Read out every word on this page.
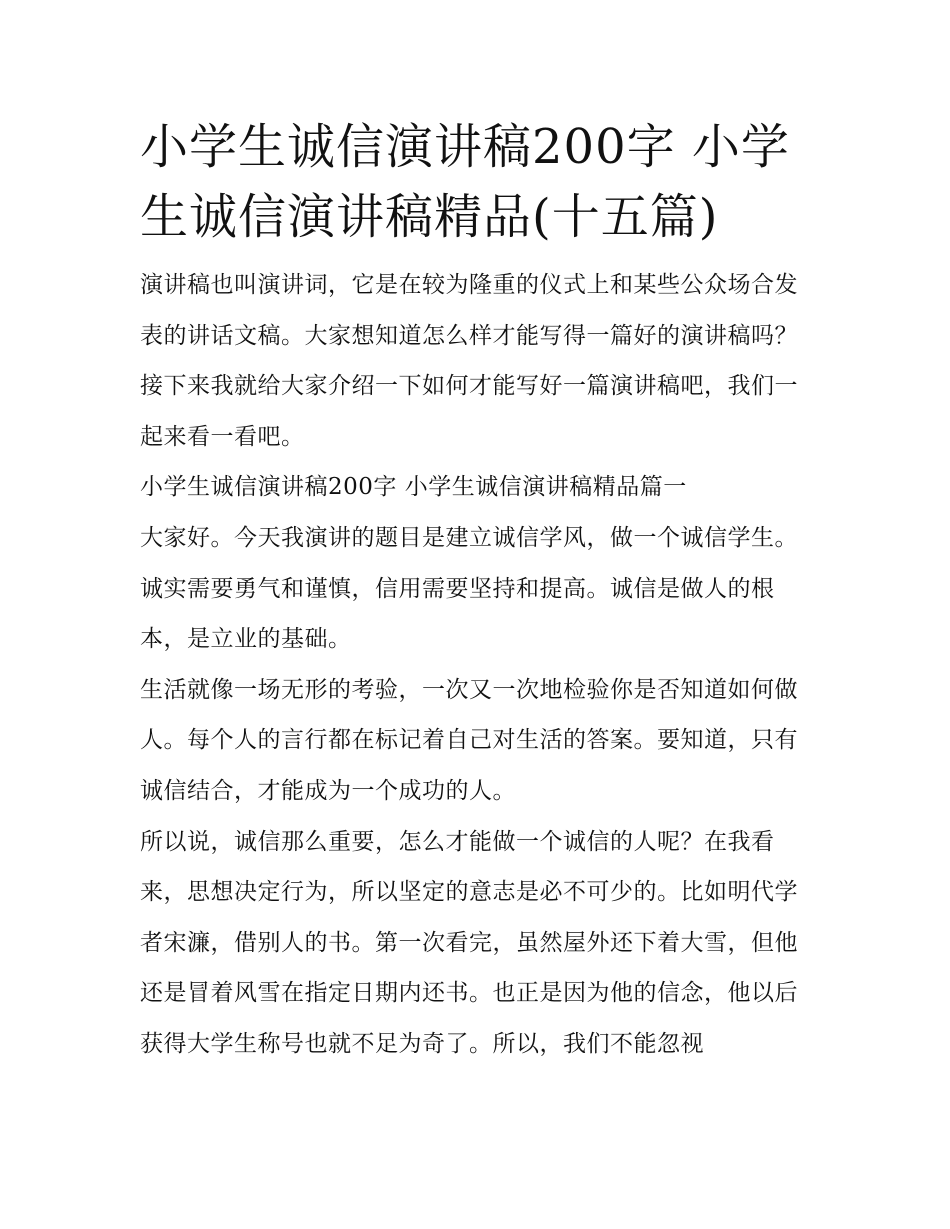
小学生诚信演讲稿200字 小学生诚信演讲稿精品(十五篇)

演讲稿也叫演讲词，它是在较为隆重的仪式上和某些公众场合发表的讲话文稿。大家想知道怎么样才能写得一篇好的演讲稿吗？接下来我就给大家介绍一下如何才能写好一篇演讲稿吧，我们一起来看一看吧。

小学生诚信演讲稿200字 小学生诚信演讲稿精品篇一

大家好。今天我演讲的题目是建立诚信学风，做一个诚信学生。诚实需要勇气和谨慎，信用需要坚持和提高。诚信是做人的根本，是立业的基础。

生活就像一场无形的考验，一次又一次地检验你是否知道如何做人。每个人的言行都在标记着自己对生活的答案。要知道，只有诚信结合，才能成为一个成功的人。

所以说，诚信那么重要，怎么才能做一个诚信的人呢？在我看来，思想决定行为，所以坚定的意志是必不可少的。比如明代学者宋濂，借别人的书。第一次看完，虽然屋外还下着大雪，但他还是冒着风雪在指定日期内还书。也正是因为他的信念，他以后获得大学生称号也就不足为奇了。所以，我们不能忽视
